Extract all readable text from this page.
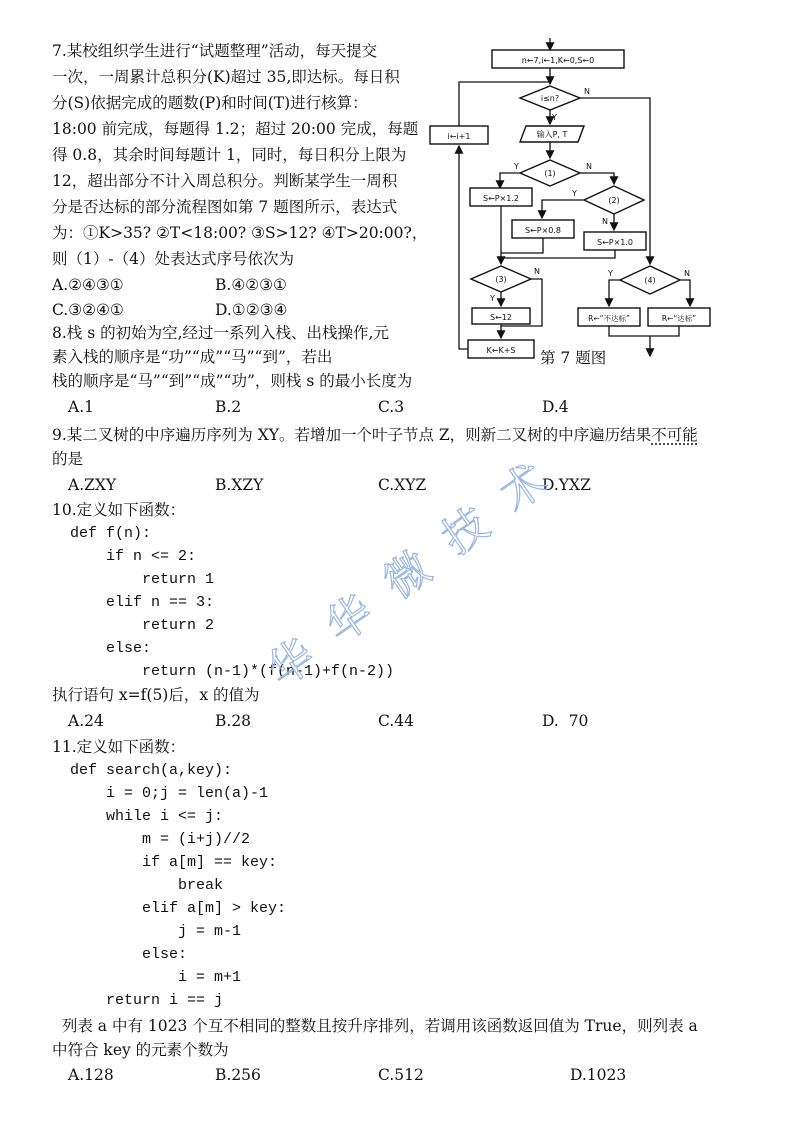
7.某校组织学生进行“试题整理”活动，每天提交
一次，一周累计总积分(K)超过 35,即达标。每日积
分(S)依据完成的题数(P)和时间(T)进行核算：
18:00 前完成，每题得 1.2；超过 20:00 完成，每题
得 0.8，其余时间每题计 1，同时，每日积分上限为
12，超出部分不计入周总积分。判断某学生一周积
分是否达标的部分流程图如第 7 题图所示，表达式
为：①K>35? ②T<18:00? ③S>12? ④T>20:00?，
则（1）-（4）处表达式序号依次为
A.②④③①	B.④②③①
C.③②④①	D.①②③④
n←7,i←1,K←0,S←0
i≤n?
Y
N
输入P, T
i←i+1
(1)
Y	N
S←P×1.2	(2)
Y
N
S←P×0.8
S←P×1.0
(3)
Y
N
S←12
K←K+S
(4)
Y	N
R←“不达标”	R←“达标”
第 7 题图
8.栈 s 的初始为空,经过一系列入栈、出栈操作,元
素入栈的顺序是“功”“成”“马”“到”，若出
栈的顺序是“马”“到”“成”“功”，则栈 s 的最小长度为
A.1	B.2	C.3	D.4
9.某二叉树的中序遍历序列为 XY。若增加一个叶子节点 Z，则新二叉树的中序遍历结果不可能
的是
A.ZXY	B.XZY	C.XYZ	D.YXZ
10.定义如下函数：
def f(n):
if n <= 2:
return 1
elif n == 3:
return 2
else:
return (n-1)*(f(n-1)+f(n-2))
执行语句 x=f(5)后，x 的值为
A.24	B.28	C.44	D.  70
11.定义如下函数：
def search(a,key):
i = 0;j = len(a)-1
while i <= j:
m = (i+j)//2
if a[m] == key:
break
elif a[m] > key:
j = m-1
else:
i = m+1
return i == j
列表 a 中有 1023 个互不相同的整数且按升序排列，若调用该函数返回值为 True，则列表 a
中符合 key 的元素个数为
A.128	B.256	C.512	D.1023
华
华
微
技
术
